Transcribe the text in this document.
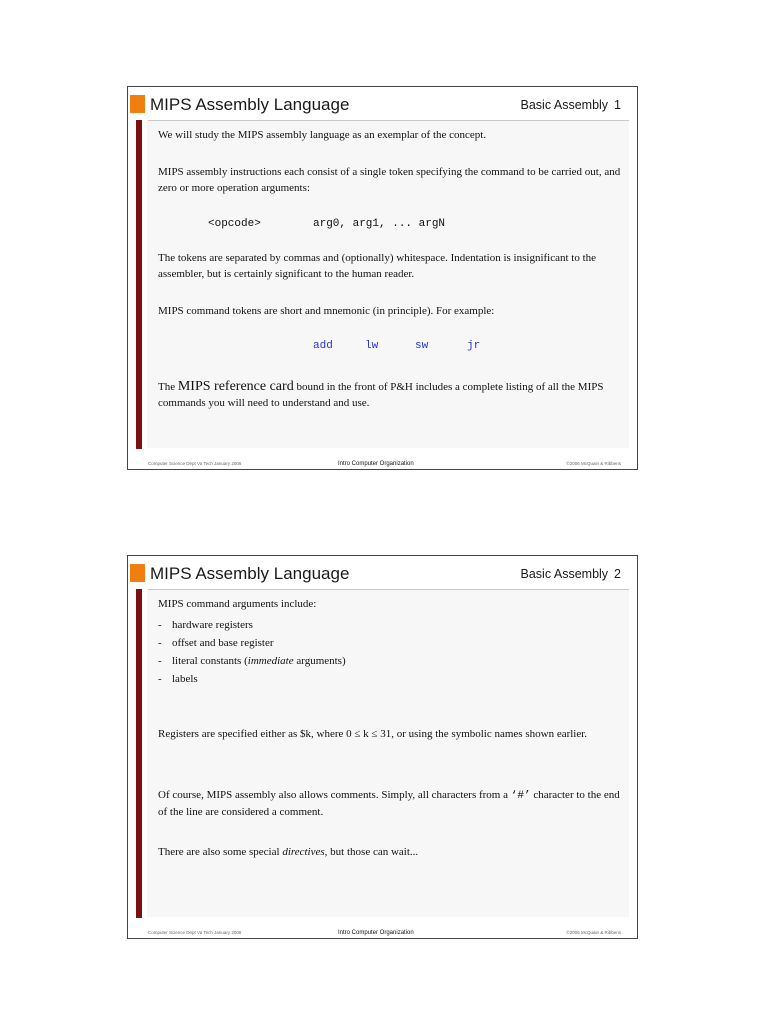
MIPS Assembly Language	Basic Assembly 1

We will study the MIPS assembly language as an exemplar of the concept.

MIPS assembly instructions each consist of a single token specifying the command to be carried out, and zero or more operation arguments:

<opcode>	arg0, arg1, ... argN

The tokens are separated by commas and (optionally) whitespace. Indentation is insignificant to the assembler, but is certainly significant to the human reader.

MIPS command tokens are short and mnemonic (in principle). For example:

add	lw	sw	jr

The MIPS reference card bound in the front of P&H includes a complete listing of all the MIPS commands you will need to understand and use.

Computer Science Dept Va Tech January 2006	Intro Computer Organization	©2006 McQuain & Ribbens
MIPS Assembly Language	Basic Assembly 2

MIPS command arguments include:

- hardware registers
- offset and base register
- literal constants (immediate arguments)
- labels

Registers are specified either as $k, where 0 ≤ k ≤ 31, or using the symbolic names shown earlier.

Of course, MIPS assembly also allows comments. Simply, all characters from a ‘#’ character to the end of the line are considered a comment.

There are also some special directives, but those can wait...

Computer Science Dept Va Tech January 2006	Intro Computer Organization	©2006 McQuain & Ribbens
